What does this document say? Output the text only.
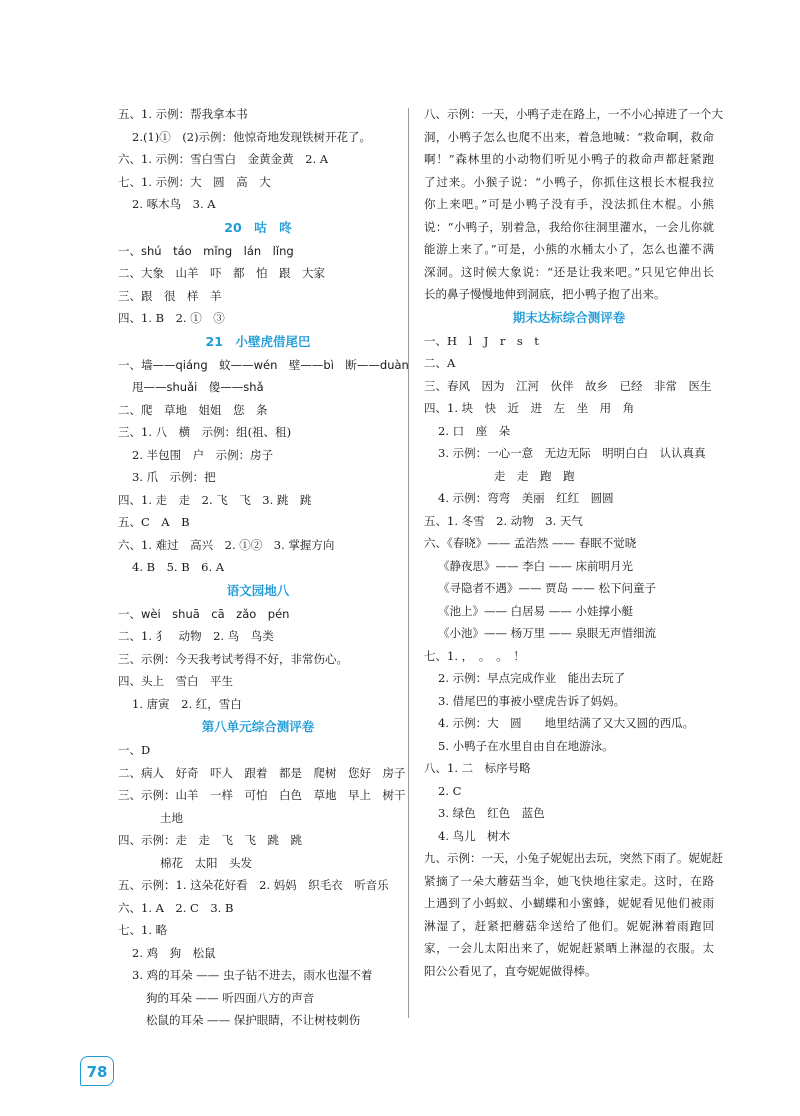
五、1. 示例：帮我拿本书
2.(1)①　(2)示例：他惊奇地发现铁树开花了。
六、1. 示例：雪白雪白　金黄金黄　2. A
七、1. 示例：大　圆　高　大
2. 啄木鸟　3. A
20　咕　咚
一、shú　táo　mǐng　lán　lǐng
二、大象　山羊　吓　都　怕　跟　大家
三、跟　很　样　羊
四、1. B　2. ①　③
21　小壁虎借尾巴
一、墙——qiáng　蚊——wén　壁——bì　断——duàn
甩——shuǎi　傻——shǎ
二、爬　草地　姐姐　您　条
三、1. 八　横　示例：组(祖、租)
2. 半包围　户　示例：房子
3. 爪　示例：把
四、1. 走　走　2. 飞　飞　3. 跳　跳
五、C　A　B
六、1. 难过　高兴　2. ①②　3. 掌握方向
4. B　5. B　6. A
语文园地八
一、wèi　shuā　cā　zǎo　pén
二、1. 犭　动物　2. 鸟　鸟类
三、示例：今天我考试考得不好，非常伤心。
四、头上　雪白　平生
1. 唐寅　2. 红，雪白
第八单元综合测评卷
一、D
二、病人　好奇　吓人　跟着　都是　爬树　您好　房子
三、示例：山羊　一样　可怕　白色　草地　早上　树干
土地
四、示例：走　走　飞　飞　跳　跳
棉花　太阳　头发
五、示例：1. 这朵花好看　2. 妈妈　织毛衣　听音乐
六、1. A　2. C　3. B
七、1. 略
2. 鸡　狗　松鼠
3. 鸡的耳朵 —— 虫子钻不进去，雨水也湿不着
狗的耳朵 —— 听四面八方的声音
松鼠的耳朵 —— 保护眼睛，不让树枝刺伤
八、示例：一天，小鸭子走在路上，一不小心掉进了一个大
洞，小鸭子怎么也爬不出来，着急地喊：“救命啊，救命
啊！”森林里的小动物们听见小鸭子的救命声都赶紧跑
了过来。小猴子说：“小鸭子，你抓住这根长木棍我拉
你上来吧。”可是小鸭子没有手，没法抓住木棍。小熊
说：“小鸭子，别着急，我给你往洞里灌水，一会儿你就
能游上来了。”可是，小熊的水桶太小了，怎么也灌不满
深洞。这时候大象说：“还是让我来吧。”只见它伸出长
长的鼻子慢慢地伸到洞底，把小鸭子抱了出来。
期末达标综合测评卷
一、H　l　J　r　s　t
二、A
三、春风　因为　江河　伙伴　故乡　已经　非常　医生
四、1. 块　快　近　进　左　坐　用　角
2. 口　座　朵
3. 示例：一心一意　无边无际　明明白白　认认真真
走　走　跑　跑
4. 示例：弯弯　美丽　红红　圆圆
五、1. 冬雪　2. 动物　3. 天气
六、《春晓》—— 孟浩然 —— 春眠不觉晓
《静夜思》—— 李白 —— 床前明月光
《寻隐者不遇》—— 贾岛 —— 松下问童子
《池上》—— 白居易 —— 小娃撑小艇
《小池》—— 杨万里 —— 泉眼无声惜细流
七、1. ，　。　。　！
2. 示例：早点完成作业　能出去玩了
3. 借尾巴的事被小壁虎告诉了妈妈。
4. 示例：大　圆　　地里结满了又大又圆的西瓜。
5. 小鸭子在水里自由自在地游泳。
八、1. 二　标序号略
2. C
3. 绿色　红色　蓝色
4. 鸟儿　树木
九、示例：一天，小兔子妮妮出去玩，突然下雨了。妮妮赶
紧摘了一朵大蘑菇当伞，她飞快地往家走。这时，在路
上遇到了小蚂蚁、小蝴蝶和小蜜蜂，妮妮看见他们被雨
淋湿了，赶紧把蘑菇伞送给了他们。妮妮淋着雨跑回
家，一会儿太阳出来了，妮妮赶紧晒上淋湿的衣服。太
阳公公看见了，直夸妮妮做得棒。
78
